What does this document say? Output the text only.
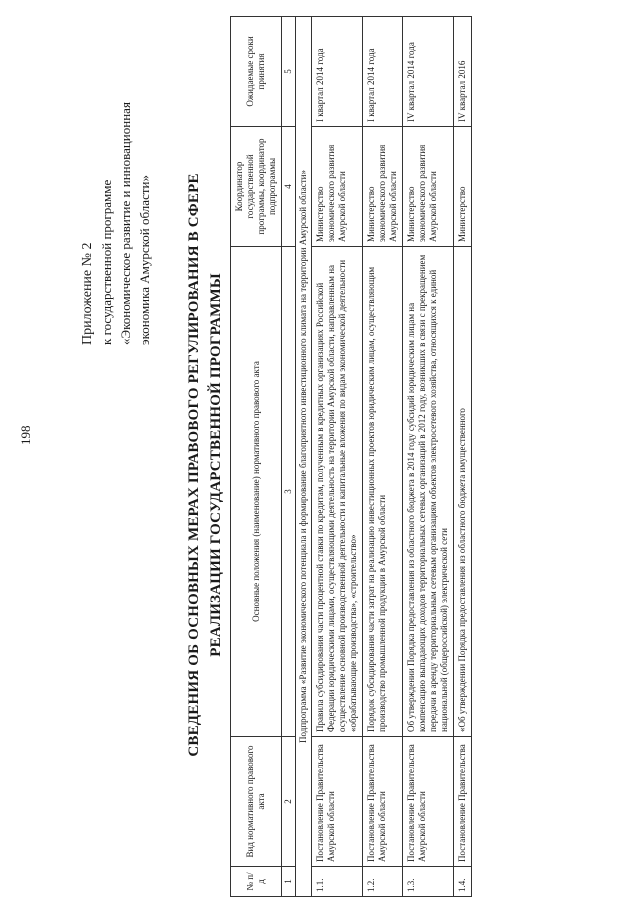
198
Приложение № 2 к государственной программе «Экономическое развитие и инновационная экономика Амурской области» СВЕДЕНИЯ ОБ ОСНОВНЫХ МЕРАХ ПРАВОВОГО РЕГУЛИРОВАНИЯ В СФЕРЕ РЕАЛИЗАЦИИ ГОСУДАРСТВЕННОЙ ПРОГРАММЫ
№ п/д	Вид нормативного правового акта	Основные положения (наименование) нормативного правового акта	Координатор государственной программы, координатор подпрограммы	Ожидаемые сроки принятия
1	2	3	4	5
Подпрограмма «Развитие экономического потенциала и формирование благоприятного инвестиционного климата на территории Амурской области»				
1.1.	Постановление Правительства Амурской области	Правила субсидирования части процентной ставки по кредитам, полученным в кредитных организациях Российской Федерации юридическими лицами, осуществляющими деятельность на территории Амурской области, направленным на осуществление основной производственной деятельности и капитальные вложения по видам экономической деятельности «обрабатывающие производства», «строительство»	Министерство экономического развития Амурской области	I квартал 2014 года
1.2.	Постановление Правительства Амурской области	Порядок субсидирования части затрат на реализацию инвестиционных проектов юридическим лицам, осуществляющим производство промышленной продукции в Амурской области	Министерство экономического развития Амурской области	I квартал 2014 года
1.3.	Постановление Правительства Амурской области	Об утверждении Порядка предоставления из областного бюджета в 2014 году субсидий юридическим лицам на компенсацию выпадающих доходов территориальных сетевых организаций в 2012 году, возникших в связи с прекращением передачи в аренду территориальным сетевым организациям объектов электросетевого хозяйства, относящихся к единой национальной (общероссийской) электрической сети	Министерство экономического развития Амурской области	IV квартал 2014 года
1.4.	Постановление Правительства	«Об утверждении Порядка предоставления из областного бюджета имущественного	Министерство	IV квартал 2016
